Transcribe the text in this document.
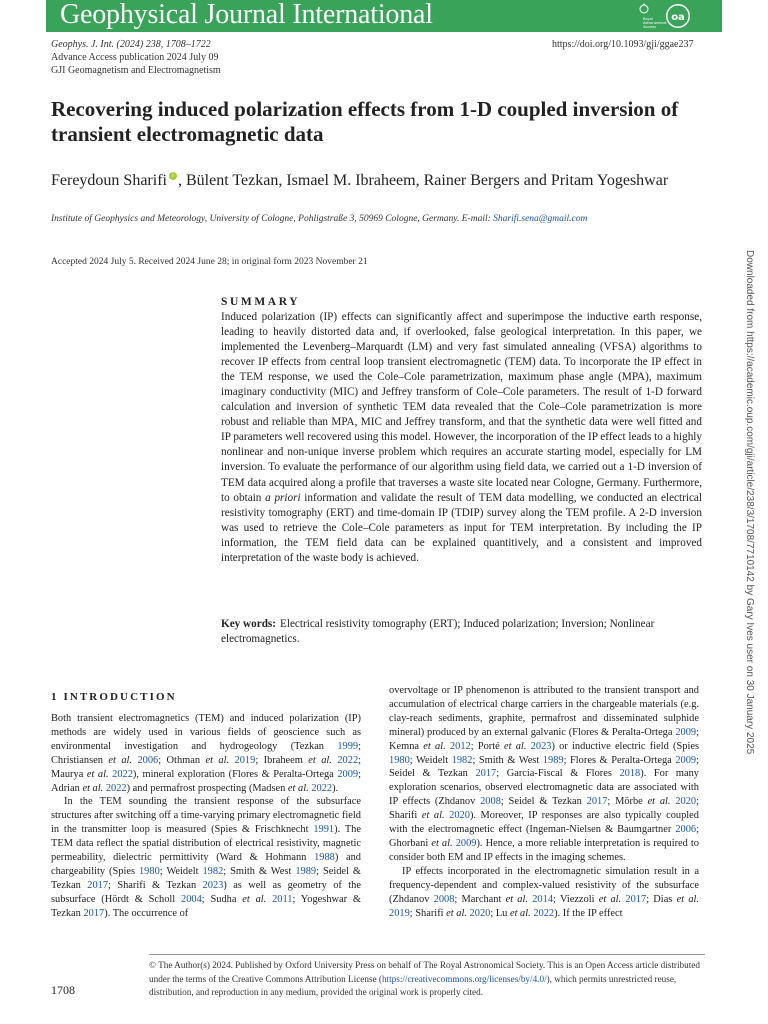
Geophysical Journal International	Royal
Astronomical
Society
oa
Geophys. J. Int. (2024) 238, 1708–1722
Advance Access publication 2024 July 09
GJI Geomagnetism and Electromagnetism
https://doi.org/10.1093/gji/ggae237
Recovering induced polarization effects from 1-D coupled inversion of transient electromagnetic data
Fereydoun Sharifi i , Bülent Tezkan, Ismael M. Ibraheem, Rainer Bergers and Pritam Yogeshwar
Institute of Geophysics and Meteorology, University of Cologne, Pohligstraße 3, 50969 Cologne, Germany. E-mail: Sharifi.sena@gmail.com
Accepted 2024 July 5. Received 2024 June 28; in original form 2023 November 21
SUMMARY
Induced polarization (IP) effects can significantly affect and superimpose the inductive earth response, leading to heavily distorted data and, if overlooked, false geological interpretation. In this paper, we implemented the Levenberg–Marquardt (LM) and very fast simulated annealing (VFSA) algorithms to recover IP effects from central loop transient electromagnetic (TEM) data. To incorporate the IP effect in the TEM response, we used the Cole–Cole parametrization, maximum phase angle (MPA), maximum imaginary conductivity (MIC) and Jeffrey transform of Cole–Cole parameters. The result of 1-D forward calculation and inversion of synthetic TEM data revealed that the Cole–Cole parametrization is more robust and reliable than MPA, MIC and Jeffrey transform, and that the synthetic data were well fitted and IP parameters well recovered using this model. However, the incorporation of the IP effect leads to a highly nonlinear and non-unique inverse problem which requires an accurate starting model, especially for LM inversion. To evaluate the performance of our algorithm using field data, we carried out a 1-D inversion of TEM data acquired along a profile that traverses a waste site located near Cologne, Germany. Furthermore, to obtain a priori information and validate the result of TEM data modelling, we conducted an electrical resistivity tomography (ERT) and time-domain IP (TDIP) survey along the TEM profile. A 2-D inversion was used to retrieve the Cole–Cole parameters as input for TEM interpretation. By including the IP information, the TEM field data can be explained quantitively, and a consistent and improved interpretation of the waste body is achieved.
Key words: Electrical resistivity tomography (ERT); Induced polarization; Inversion; Nonlinear electromagnetics.
1 INTRODUCTION

Both transient electromagnetics (TEM) and induced polarization (IP) methods are widely used in various fields of geoscience such as environmental investigation and hydrogeology (Tezkan 1999; Christiansen et al. 2006; Othman et al. 2019; Ibraheem et al. 2022; Maurya et al. 2022), mineral exploration (Flores & Peralta-Ortega 2009; Adrian et al. 2022) and permafrost prospecting (Madsen et al. 2022).

In the TEM sounding the transient response of the subsurface structures after switching off a time-varying primary electromagnetic field in the transmitter loop is measured (Spies & Frischknecht 1991). The TEM data reflect the spatial distribution of electrical resistivity, magnetic permeability, dielectric permittivity (Ward & Hohmann 1988) and chargeability (Spies 1980; Weidelt 1982; Smith & West 1989; Seidel & Tezkan 2017; Sharifi & Tezkan 2023) as well as geometry of the subsurface (Hördt & Scholl 2004; Sudha et al. 2011; Yogeshwar & Tezkan 2017). The occurrence of

overvoltage or IP phenomenon is attributed to the transient transport and accumulation of electrical charge carriers in the chargeable materials (e.g. clay-reach sediments, graphite, permafrost and disseminated sulphide mineral) produced by an external galvanic (Flores & Peralta-Ortega 2009; Kemna et al. 2012; Porté et al. 2023) or inductive electric field (Spies 1980; Weidelt 1982; Smith & West 1989; Flores & Peralta-Ortega 2009; Seidel & Tezkan 2017; García-Fiscal & Flores 2018). For many exploration scenarios, observed electromagnetic data are associated with IP effects (Zhdanov 2008; Seidel & Tezkan 2017; Mörbe et al. 2020; Sharifi et al. 2020). Moreover, IP responses are also typically coupled with the electromagnetic effect (Ingeman-Nielsen & Baumgartner 2006; Ghorbani et al. 2009). Hence, a more reliable interpretation is required to consider both EM and IP effects in the imaging schemes.

IP effects incorporated in the electromagnetic simulation result in a frequency-dependent and complex-valued resistivity of the subsurface (Zhdanov 2008; Marchant et al. 2014; Viezzoli et al. 2017; Dias et al. 2019; Sharifi et al. 2020; Lu et al. 2022). If the IP effect

Downloaded from https://academic.oup.com/gji/article/238/3/1708/7710142 by Gary Ives user on 30 January 2025
1708
© The Author(s) 2024. Published by Oxford University Press on behalf of The Royal Astronomical Society. This is an Open Access article distributed under the terms of the Creative Commons Attribution License (https://creativecommons.org/licenses/by/4.0/), which permits unrestricted reuse, distribution, and reproduction in any medium, provided the original work is properly cited.
